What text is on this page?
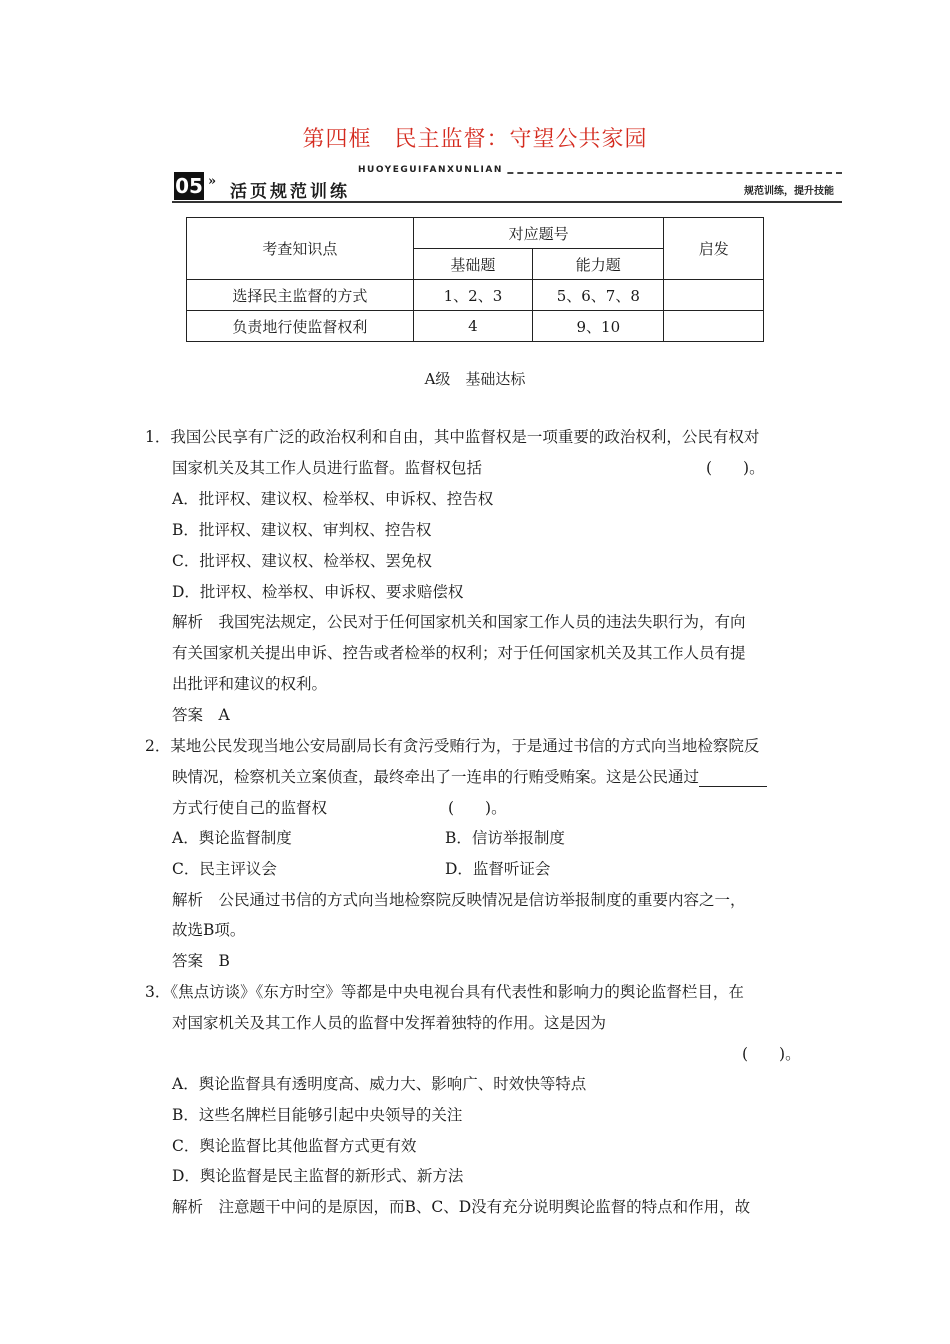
第四框　民主监督：守望公共家园
HUOYEGUIFANXUNLIAN
05 »
活页规范训练	规范训练，提升技能
考查知识点	对应题号		启发
	基础题	能力题	
选择民主监督的方式	1、2、3	5、6、7、8	
负责地行使监督权利	4	9、10	
A级　基础达标
1．我国公民享有广泛的政治权利和自由，其中监督权是一项重要的政治权利，公民有权对
国家机关及其工作人员进行监督。监督权包括	(　　)。
A．批评权、建议权、检举权、申诉权、控告权
B．批评权、建议权、审判权、控告权
C．批评权、建议权、检举权、罢免权
D．批评权、检举权、申诉权、要求赔偿权
解析　我国宪法规定，公民对于任何国家机关和国家工作人员的违法失职行为，有向
有关国家机关提出申诉、控告或者检举的权利；对于任何国家机关及其工作人员有提
出批评和建议的权利。
答案　A
2．某地公民发现当地公安局副局长有贪污受贿行为，于是通过书信的方式向当地检察院反
映情况，检察机关立案侦查，最终牵出了一连串的行贿受贿案。这是公民通过
方式行使自己的监督权	(　　)。
A．舆论监督制度	B．信访举报制度
C．民主评议会	D．监督听证会
解析　公民通过书信的方式向当地检察院反映情况是信访举报制度的重要内容之一，
故选B项。
答案　B
3．《焦点访谈》《东方时空》等都是中央电视台具有代表性和影响力的舆论监督栏目，在
对国家机关及其工作人员的监督中发挥着独特的作用。这是因为
(　　)。
A．舆论监督具有透明度高、威力大、影响广、时效快等特点
B．这些名牌栏目能够引起中央领导的关注
C．舆论监督比其他监督方式更有效
D．舆论监督是民主监督的新形式、新方法
解析　注意题干中问的是原因，而B、C、D没有充分说明舆论监督的特点和作用，故
